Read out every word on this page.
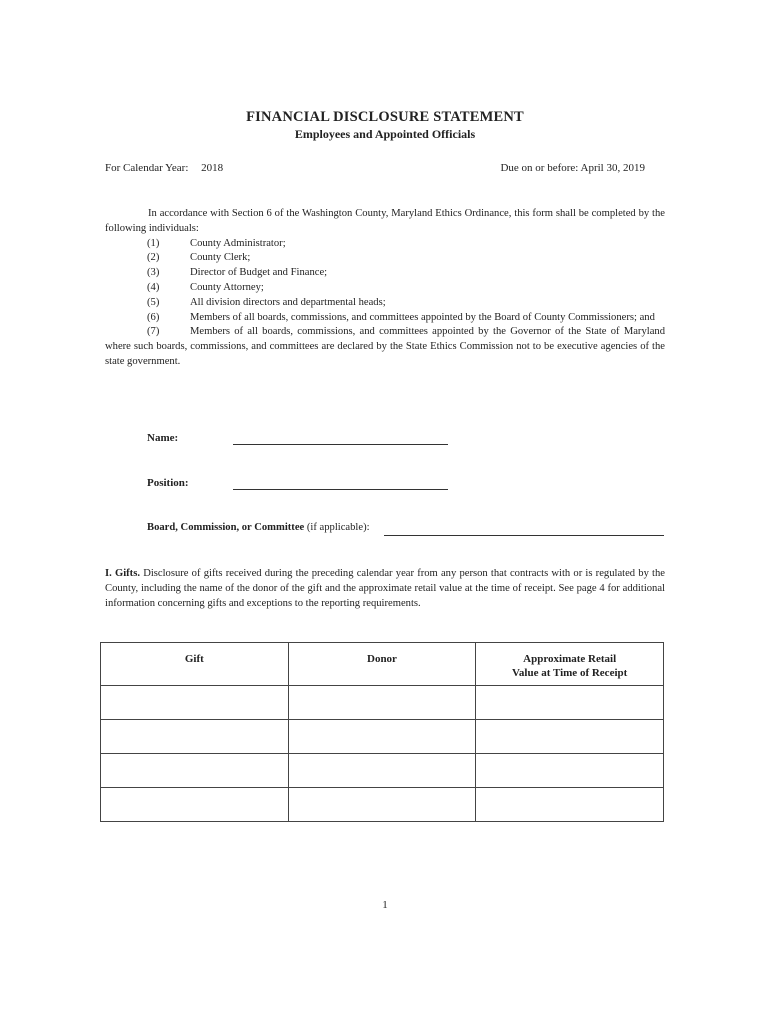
FINANCIAL DISCLOSURE STATEMENT
Employees and Appointed Officials
For Calendar Year: 2018	Due on or before: April 30, 2019

In accordance with Section 6 of the Washington County, Maryland Ethics Ordinance, this form shall be completed by the following individuals:

(1)	County Administrator;
(2)	County Clerk;
(3)	Director of Budget and Finance;
(4)	County Attorney;
(5)	All division directors and departmental heads;
(6)	Members of all boards, commissions, and committees appointed by the Board of County Commissioners; and
(7)	Members of all boards, commissions, and committees appointed by the Governor of the State of Maryland where such boards, commissions, and committees are declared by the State Ethics Commission not to be executive agencies of the state government.
Name:
Position:
Board, Commission, or Committee (if applicable):

I. Gifts. Disclosure of gifts received during the preceding calendar year from any person that contracts with or is regulated by the County, including the name of the donor of the gift and the approximate retail value at the time of receipt. See page 4 for additional information concerning gifts and exceptions to the reporting requirements.

Gift	Donor	Approximate Retail
Value at Time of Receipt

1
